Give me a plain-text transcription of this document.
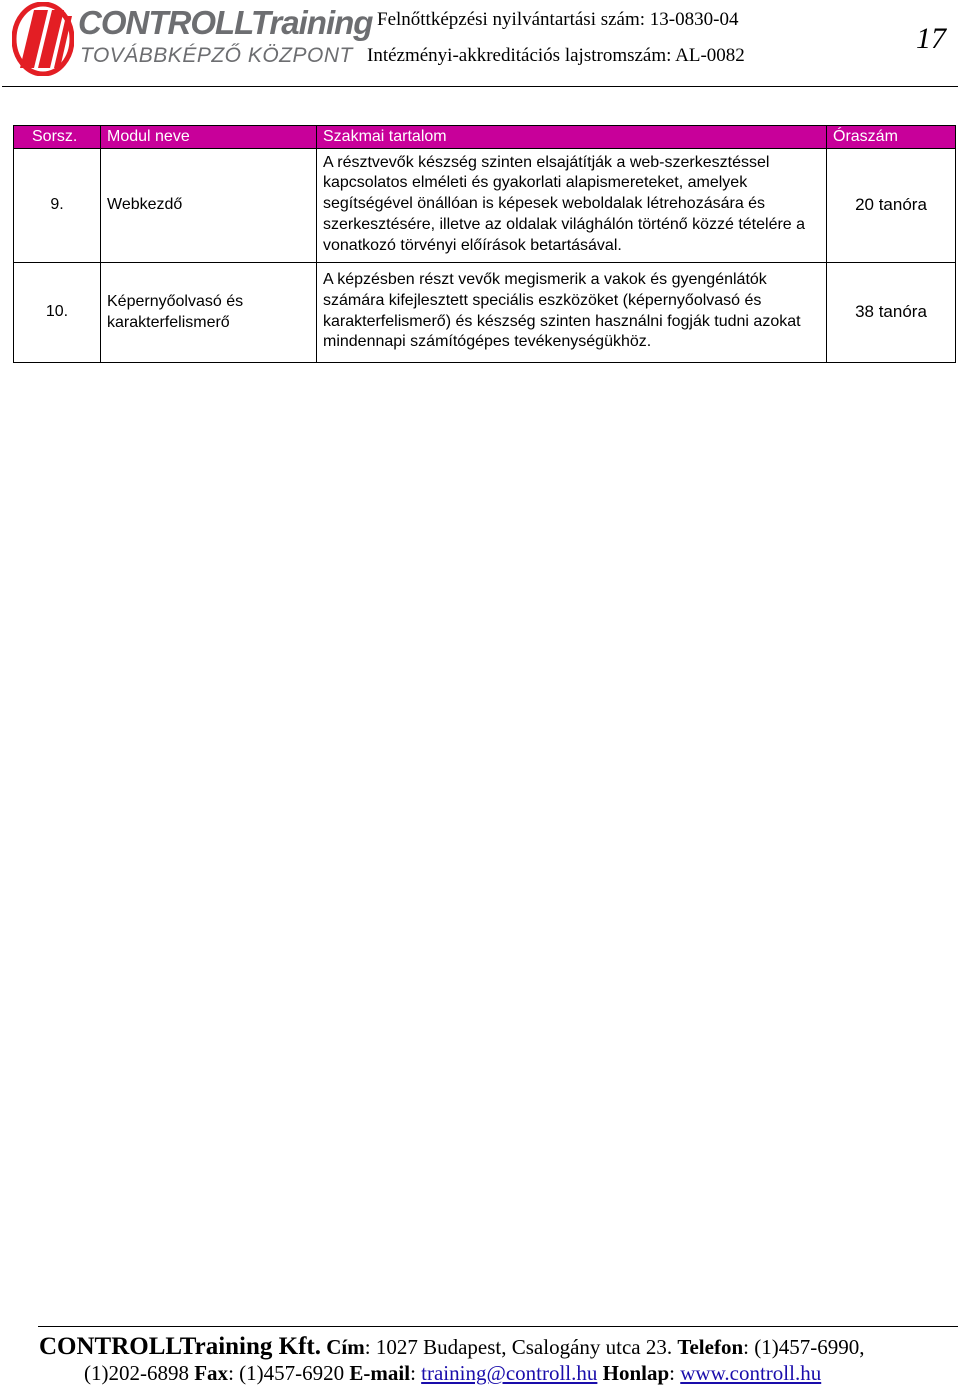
CONTROLLTraining
TOVÁBBKÉPZŐ KÖZPONT
Felnőttképzési nyilvántartási szám: 13-0830-04
Intézményi-akkreditációs lajstromszám: AL-0082
17
Sorsz.	Modul neve	Szakmai tartalom	Óraszám
9.	Webkezdő	A résztvevők készség szinten elsajátítják a web-szerkesztéssel kapcsolatos elméleti és gyakorlati alapismereteket, amelyek segítségével önállóan is képesek weboldalak létrehozására és szerkesztésére, illetve az oldalak világhálón történő közzé tételére a vonatkozó törvényi előírások betartásával.	20 tanóra
10.	Képernyőolvasó és karakterfelismerő	A képzésben részt vevők megismerik a vakok és gyengénlátók számára kifejlesztett speciális eszközöket (képernyőolvasó és karakterfelismerő) és készség szinten használni fogják tudni azokat mindennapi számítógépes tevékenységükhöz.	38 tanóra
CONTROLLTraining Kft. Cím: 1027 Budapest, Csalogány utca 23. Telefon: (1)457-6990,
(1)202-6898 Fax: (1)457-6920 E-mail: training@controll.hu Honlap: www.controll.hu
